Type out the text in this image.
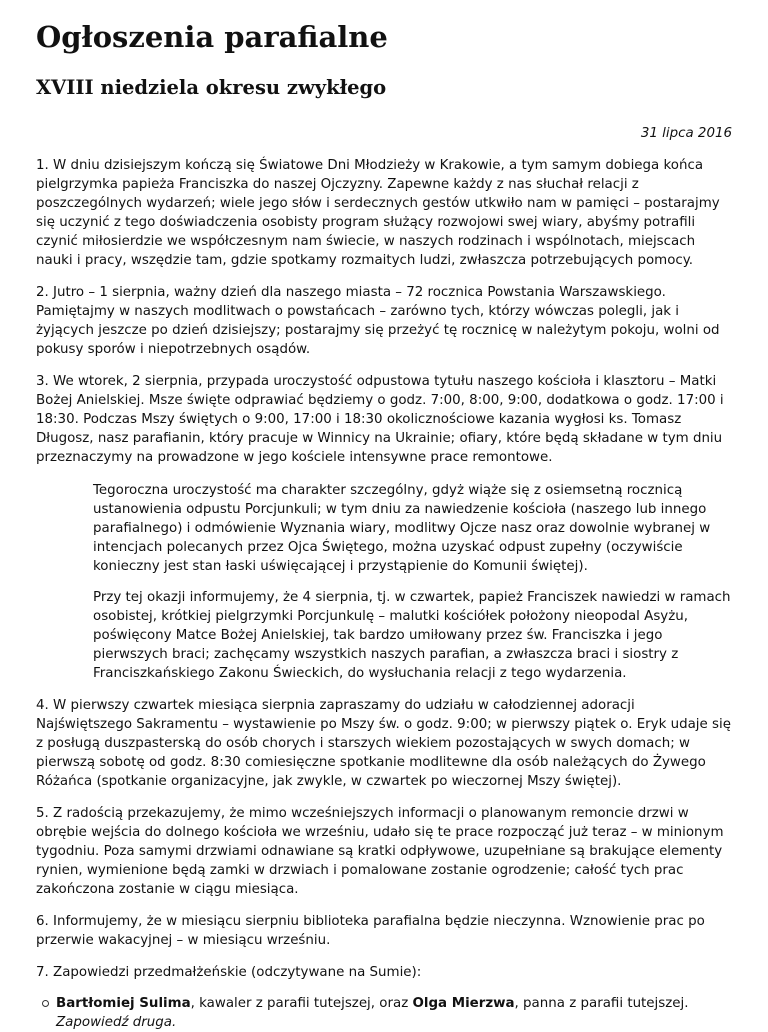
Ogłoszenia parafialne
XVIII niedziela okresu zwykłego
31 lipca 2016

1. W dniu dzisiejszym kończą się Światowe Dni Młodzieży w Krakowie, a tym samym dobiega końca pielgrzymka papieża Franciszka do naszej Ojczyzny. Zapewne każdy z nas słuchał relacji z poszczególnych wydarzeń; wiele jego słów i serdecznych gestów utkwiło nam w pamięci – postarajmy się uczynić z tego doświadczenia osobisty program służący rozwojowi swej wiary, abyśmy potrafili czynić miłosierdzie we współczesnym nam świecie, w naszych rodzinach i wspólnotach, miejscach nauki i pracy, wszędzie tam, gdzie spotkamy rozmaitych ludzi, zwłaszcza potrzebujących pomocy.

2. Jutro – 1 sierpnia, ważny dzień dla naszego miasta – 72 rocznica Powstania Warszawskiego. Pamiętajmy w naszych modlitwach o powstańcach – zarówno tych, którzy wówczas polegli, jak i żyjących jeszcze po dzień dzisiejszy; postarajmy się przeżyć tę rocznicę w należytym pokoju, wolni od pokusy sporów i niepotrzebnych osądów.

3. We wtorek, 2 sierpnia, przypada uroczystość odpustowa tytułu naszego kościoła i klasztoru – Matki Bożej Anielskiej. Msze święte odprawiać będziemy o godz. 7:00, 8:00, 9:00, dodatkowa o godz. 17:00 i 18:30. Podczas Mszy świętych o 9:00, 17:00 i 18:30 okolicznościowe kazania wygłosi ks. Tomasz Długosz, nasz parafianin, który pracuje w Winnicy na Ukrainie; ofiary, które będą składane w tym dniu przeznaczymy na prowadzone w jego kościele intensywne prace remontowe.

Tegoroczna uroczystość ma charakter szczególny, gdyż wiąże się z osiemsetną rocznicą ustanowienia odpustu Porcjunkuli; w tym dniu za nawiedzenie kościoła (naszego lub innego parafialnego) i odmówienie Wyznania wiary, modlitwy Ojcze nasz oraz dowolnie wybranej w intencjach polecanych przez Ojca Świętego, można uzyskać odpust zupełny (oczywiście konieczny jest stan łaski uświęcającej i przystąpienie do Komunii świętej).

Przy tej okazji informujemy, że 4 sierpnia, tj. w czwartek, papież Franciszek nawiedzi w ramach osobistej, krótkiej pielgrzymki Porcjunkulę – malutki kościółek położony nieopodal Asyżu, poświęcony Matce Bożej Anielskiej, tak bardzo umiłowany przez św. Franciszka i jego pierwszych braci; zachęcamy wszystkich naszych parafian, a zwłaszcza braci i siostry z Franciszkańskiego Zakonu Świeckich, do wysłuchania relacji z tego wydarzenia.

4. W pierwszy czwartek miesiąca sierpnia zapraszamy do udziału w całodziennej adoracji Najświętszego Sakramentu – wystawienie po Mszy św. o godz. 9:00; w pierwszy piątek o. Eryk udaje się z posługą duszpasterską do osób chorych i starszych wiekiem pozostających w swych domach; w pierwszą sobotę od godz. 8:30 comiesięczne spotkanie modlitewne dla osób należących do Żywego Różańca (spotkanie organizacyjne, jak zwykle, w czwartek po wieczornej Mszy świętej).

5. Z radością przekazujemy, że mimo wcześniejszych informacji o planowanym remoncie drzwi w obrębie wejścia do dolnego kościoła we wrześniu, udało się te prace rozpocząć już teraz – w minionym tygodniu. Poza samymi drzwiami odnawiane są kratki odpływowe, uzupełniane są brakujące elementy rynien, wymienione będą zamki w drzwiach i pomalowane zostanie ogrodzenie; całość tych prac zakończona zostanie w ciągu miesiąca.

6. Informujemy, że w miesiącu sierpniu biblioteka parafialna będzie nieczynna. Wznowienie prac po przerwie wakacyjnej – w miesiącu wrześniu.

7. Zapowiedzi przedmałżeńskie (odczytywane na Sumie):

Bartłomiej Sulima, kawaler z parafii tutejszej, oraz Olga Mierzwa, panna z parafii tutejszej.
Zapowiedź druga.
